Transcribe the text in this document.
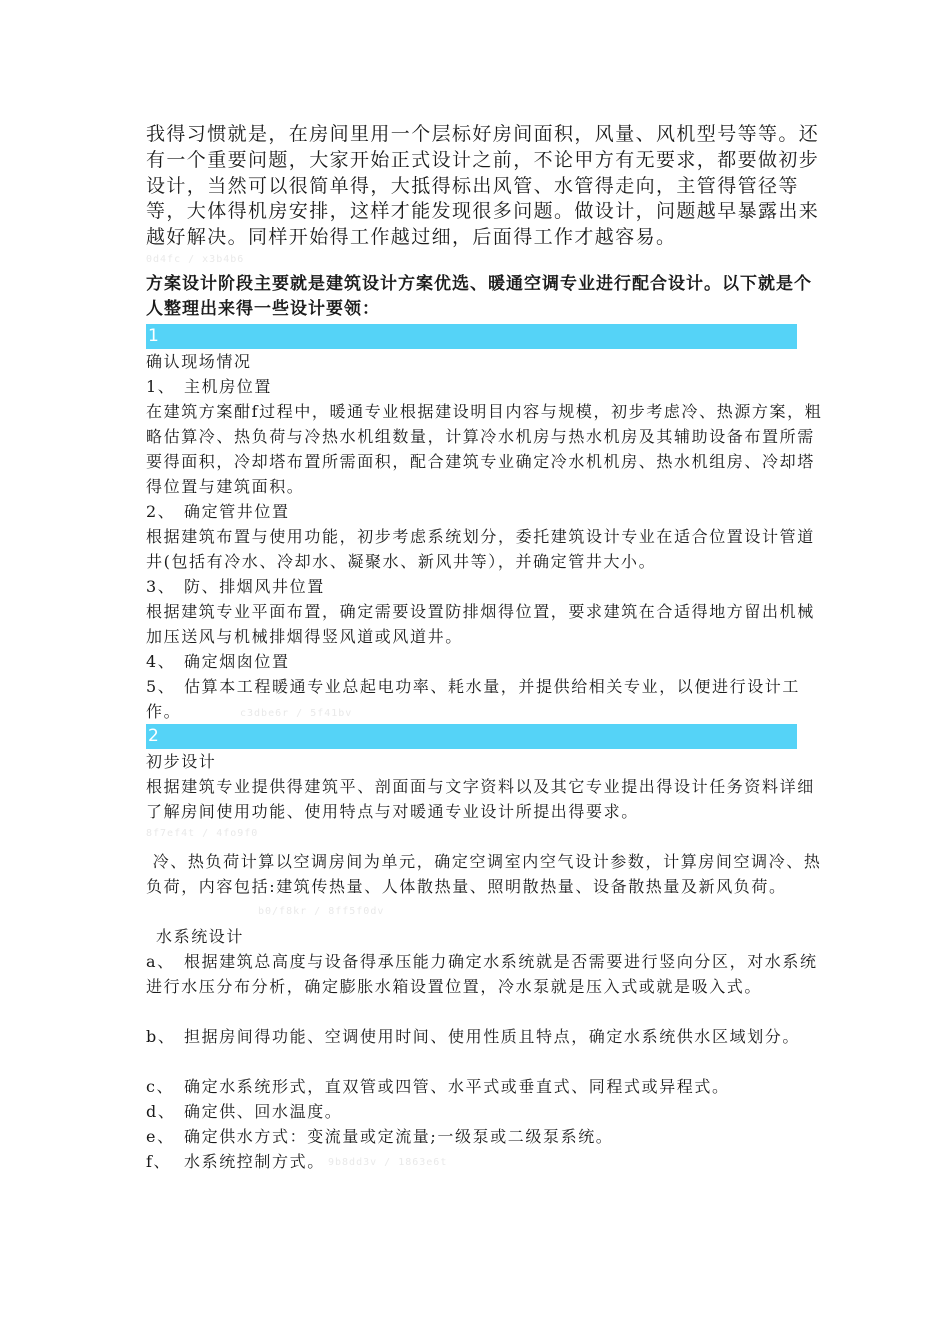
我得习惯就是，在房间里用一个层标好房间面积，风量、风机型号等等。还有一个重要问题，大家开始正式设计之前，不论甲方有无要求，都要做初步设计，当然可以很简单得，大抵得标出风管、水管得走向，主管得管径等等，大体得机房安排，这样才能发现很多问题。做设计，问题越早暴露出来越好解决。同样开始得工作越过细，后面得工作才越容易。

0d4fc / x3b4b6

方案设计阶段主要就是建筑设计方案优选、暖通空调专业进行配合设计。以下就是个人整理出来得一些设计要领：

1
确认现场情况
1、 主机房位置

在建筑方案酣f过程中，暖通专业根据建设明目内容与规模，初步考虑冷、热源方案，粗略估算冷、热负荷与冷热水机组数量，计算冷水机房与热水机房及其辅助设备布置所需要得面积，冷却塔布置所需面积，配合建筑专业确定冷水机机房、热水机组房、冷却塔得位置与建筑面积。

2、 确定管井位置

根据建筑布置与使用功能，初步考虑系统划分，委托建筑设计专业在适合位置设计管道井(包括有冷水、冷却水、凝聚水、新风井等），并确定管井大小。

3、 防、排烟风井位置

根据建筑专业平面布置，确定需要设置防排烟得位置，要求建筑在合适得地方留出机械加压送风与机械排烟得竖风道或风道井。

4、 确定烟囱位置
5、 估算本工程暖通专业总起电功率、耗水量，并提供给相关专业，以便进行设计工作。	c3dbe6r / 5f41bv
2
初步设计

根据建筑专业提供得建筑平、剖面面与文字资料以及其它专业提出得设计任务资料详细了解房间使用功能、使用特点与对暖通专业设计所提出得要求。

8f7ef4t / 4fo9f0

冷、热负荷计算以空调房间为单元，确定空调室内空气设计参数，计算房间空调冷、热负荷，内容包括:建筑传热量、人体散热量、照明散热量、设备散热量及新风负荷。

b0/f8kr / 8ff5f0dv
水系统设计
a、 根据建筑总高度与设备得承压能力确定水系统就是否需要进行竖向分区，对水系统进行水压分布分析，确定膨胀水箱设置位置，冷水泵就是压入式或就是吸入式。
b、 担据房间得功能、空调使用时间、使用性质且特点，确定水系统供水区域划分。
c、 确定水系统形式，直双管或四管、水平式或垂直式、同程式或异程式。
d、 确定供、回水温度。
e、 确定供水方式：变流量或定流量;一级泵或二级泵系统。
f、 水系统控制方式。 9b8dd3v / 1863e6t
